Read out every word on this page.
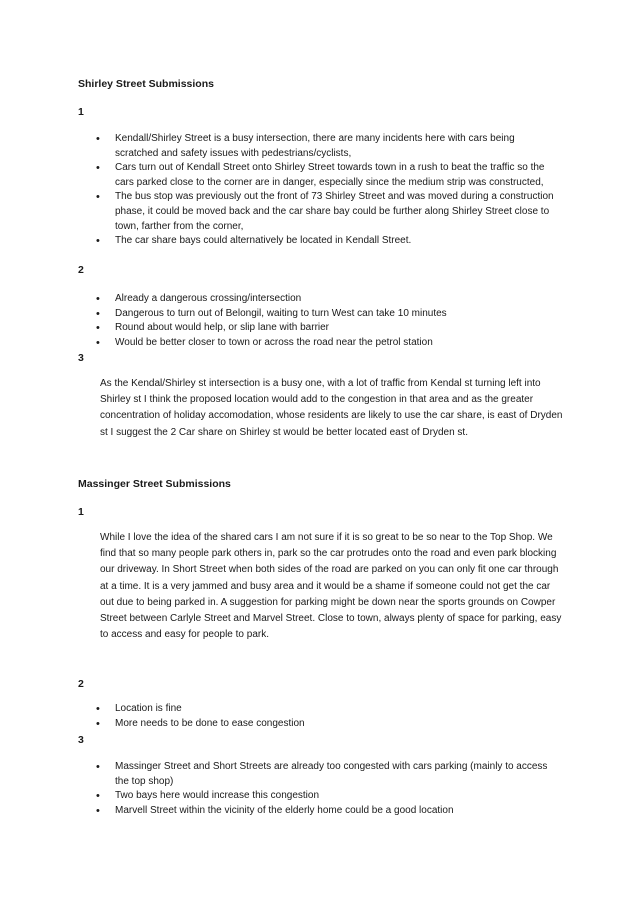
Shirley Street Submissions

1

• Kendall/Shirley Street is a busy intersection, there are many incidents here with cars being scratched and safety issues with pedestrians/cyclists,
• Cars turn out of Kendall Street onto Shirley Street towards town in a rush to beat the traffic so the cars parked close to the corner are in danger, especially since the medium strip was constructed,
• The bus stop was previously out the front of 73 Shirley Street and was moved during a construction phase, it could be moved back and the car share bay could be further along Shirley Street close to town, farther from the corner,
• The car share bays could alternatively be located in Kendall Street.

2

• Already a dangerous crossing/intersection
• Dangerous to turn out of Belongil, waiting to turn West can take 10 minutes
• Round about would help, or slip lane with barrier
• Would be better closer to town or across the road near the petrol station

3

As the Kendal/Shirley st intersection is a busy one, with a lot of traffic from Kendal st turning left into Shirley st I think the proposed location would add to the congestion in that area and as the greater concentration of holiday accomodation, whose residents are likely to use the car share, is east of Dryden st I suggest the 2 Car share on Shirley st would be better located east of Dryden st.

Massinger Street Submissions

1

While I love the idea of the shared cars I am not sure if it is so great to be so near to the Top Shop. We find that so many people park others in, park so the car protrudes onto the road and even park blocking our driveway. In Short Street when both sides of the road are parked on you can only fit one car through at a time. It is a very jammed and busy area and it would be a shame if someone could not get the car out due to being parked in. A suggestion for parking might be down near the sports grounds on Cowper Street between Carlyle Street and Marvel Street. Close to town, always plenty of space for parking, easy to access and easy for people to park.

2

• Location is fine
• More needs to be done to ease congestion

3

• Massinger Street and Short Streets are already too congested with cars parking (mainly to access the top shop)
• Two bays here would increase this congestion
• Marvell Street within the vicinity of the elderly home could be a good location
